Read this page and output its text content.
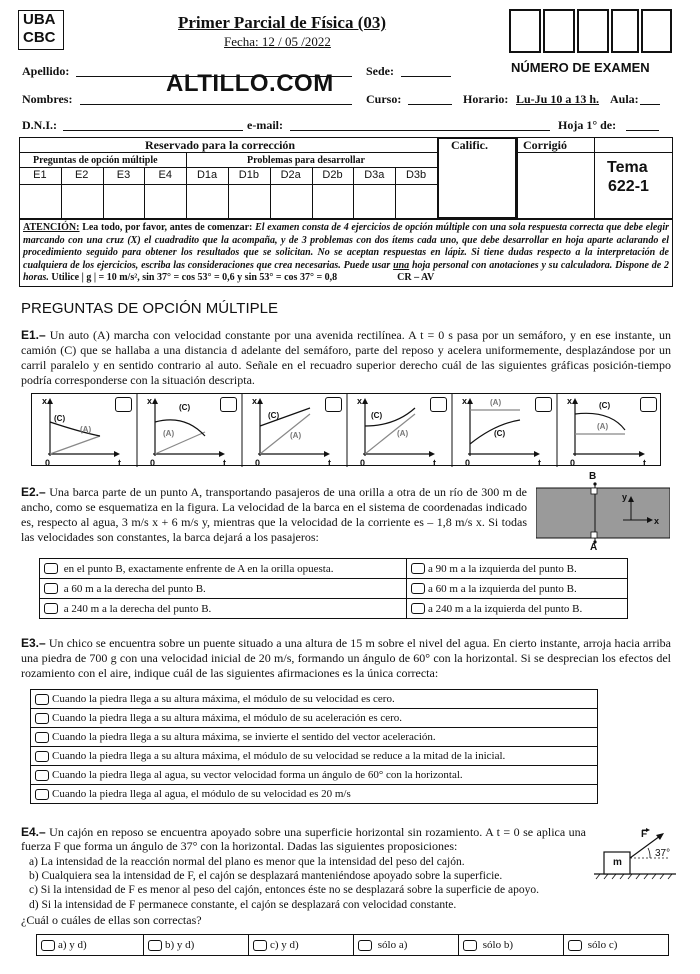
UBA
CBC
Primer Parcial de Física (03)
Fecha: 12 / 05 /2022
NÚMERO DE EXAMEN
ALTILLO.COM
Apellido:	Sede:
Nombres:	Curso:	Horario: Lu-Ju 10 a 13 h. Aula:
D.N.I.:	e-mail:	Hoja 1° de:
Reservado para la corrección
Preguntas de opción múltiple	Problemas para desarrollar
Calific.	Corrigió
Tema
622-1
E1	E2	E3	E4	D1a	D1b	D2a	D2b	D3a	D3b
ATENCIÓN: Lea todo, por favor, antes de comenzar: El examen consta de 4 ejercicios de opción múltiple con una sola respuesta correcta que debe elegir marcando con una cruz (X) el cuadradito que la acompaña, y de 3 problemas con dos ítems cada uno, que debe desarrollar en hoja aparte aclarando el procedimiento seguido para obtener los resultados que se solicitan. No se aceptan respuestas en lápiz. Si tiene dudas respecto a la interpretación de cualquiera de los ejercicios, escriba las consideraciones que crea necesarias. Puede usar una hoja personal con anotaciones y su calculadora. Dispone de 2 horas. Utilice | g | = 10 m/s², sin 37° = cos 53° = 0,6 y sin 53° = cos 37° = 0,8	CR – AV
PREGUNTAS DE OPCIÓN MÚLTIPLE
E1.– Un auto (A) marcha con velocidad constante por una avenida rectilínea. A t = 0 s pasa por un semáforo, y en ese instante, un camión (C) que se hallaba a una distancia d adelante del semáforo, parte del reposo y acelera uniformemente, desplazándose por un carril paralelo y en sentido contrario al auto. Señale en el recuadro superior derecho cuál de las siguientes gráficas posición-tiempo podría corresponderse con la situación descripta.
x
t
0
(A)
(C)
x
t
0
(A)
(C)
x
t
0
(A)
(C)
x
t
0
(A)
(C)
x
t
0
(A)
(C)
x
t
0
(A)
(C)
E2.– Una barca parte de un punto A, transportando pasajeros de una orilla a otra de un río de 300 m de ancho, como se esquematiza en la figura. La velocidad de la barca en el sistema de coordenadas indicado es, respecto al agua, 3 m/s x + 6 m/s y, mientras que la velocidad de la corriente es – 1,8 m/s x. Si todas las velocidades son constantes, la barca dejará a los pasajeros:
B
A
y
x
en el punto B, exactamente enfrente de A en la orilla opuesta.	a 90 m a la izquierda del punto B.
a 60 m a la derecha del punto B.	a 60 m a la izquierda del punto B.
a 240 m a la derecha del punto B.	a 240 m a la izquierda del punto B.
E3.– Un chico se encuentra sobre un puente situado a una altura de 15 m sobre el nivel del agua. En cierto instante, arroja hacia arriba una piedra de 700 g con una velocidad inicial de 20 m/s, formando un ángulo de 60° con la horizontal. Si se desprecian los efectos del rozamiento con el aire, indique cuál de las siguientes afirmaciones es la única correcta:
Cuando la piedra llega a su altura máxima, el módulo de su velocidad es cero.
Cuando la piedra llega a su altura máxima, el módulo de su aceleración es cero.
Cuando la piedra llega a su altura máxima, se invierte el sentido del vector aceleración.
Cuando la piedra llega a su altura máxima, el módulo de su velocidad se reduce a la mitad de la inicial.
Cuando la piedra llega al agua, su vector velocidad forma un ángulo de 60° con la horizontal.
Cuando la piedra llega al agua, el módulo de su velocidad es 20 m/s
E4.– Un cajón en reposo se encuentra apoyado sobre una superficie horizontal sin rozamiento. A t = 0 se aplica una fuerza F que forma un ángulo de 37° con la horizontal. Dadas las siguientes proposiciones:
a) La intensidad de la reacción normal del plano es menor que la intensidad del peso del cajón.
b) Cualquiera sea la intensidad de F, el cajón se desplazará manteniéndose apoyado sobre la superficie.
c) Si la intensidad de F es menor al peso del cajón, entonces éste no se desplazará sobre la superficie de apoyo.
d) Si la intensidad de F permanece constante, el cajón se desplazará con velocidad constante.
¿Cuál o cuáles de ellas son correctas?
F
m
37°
a) y d)	b) y d)	c) y d)	sólo a)	sólo b)	sólo c)
